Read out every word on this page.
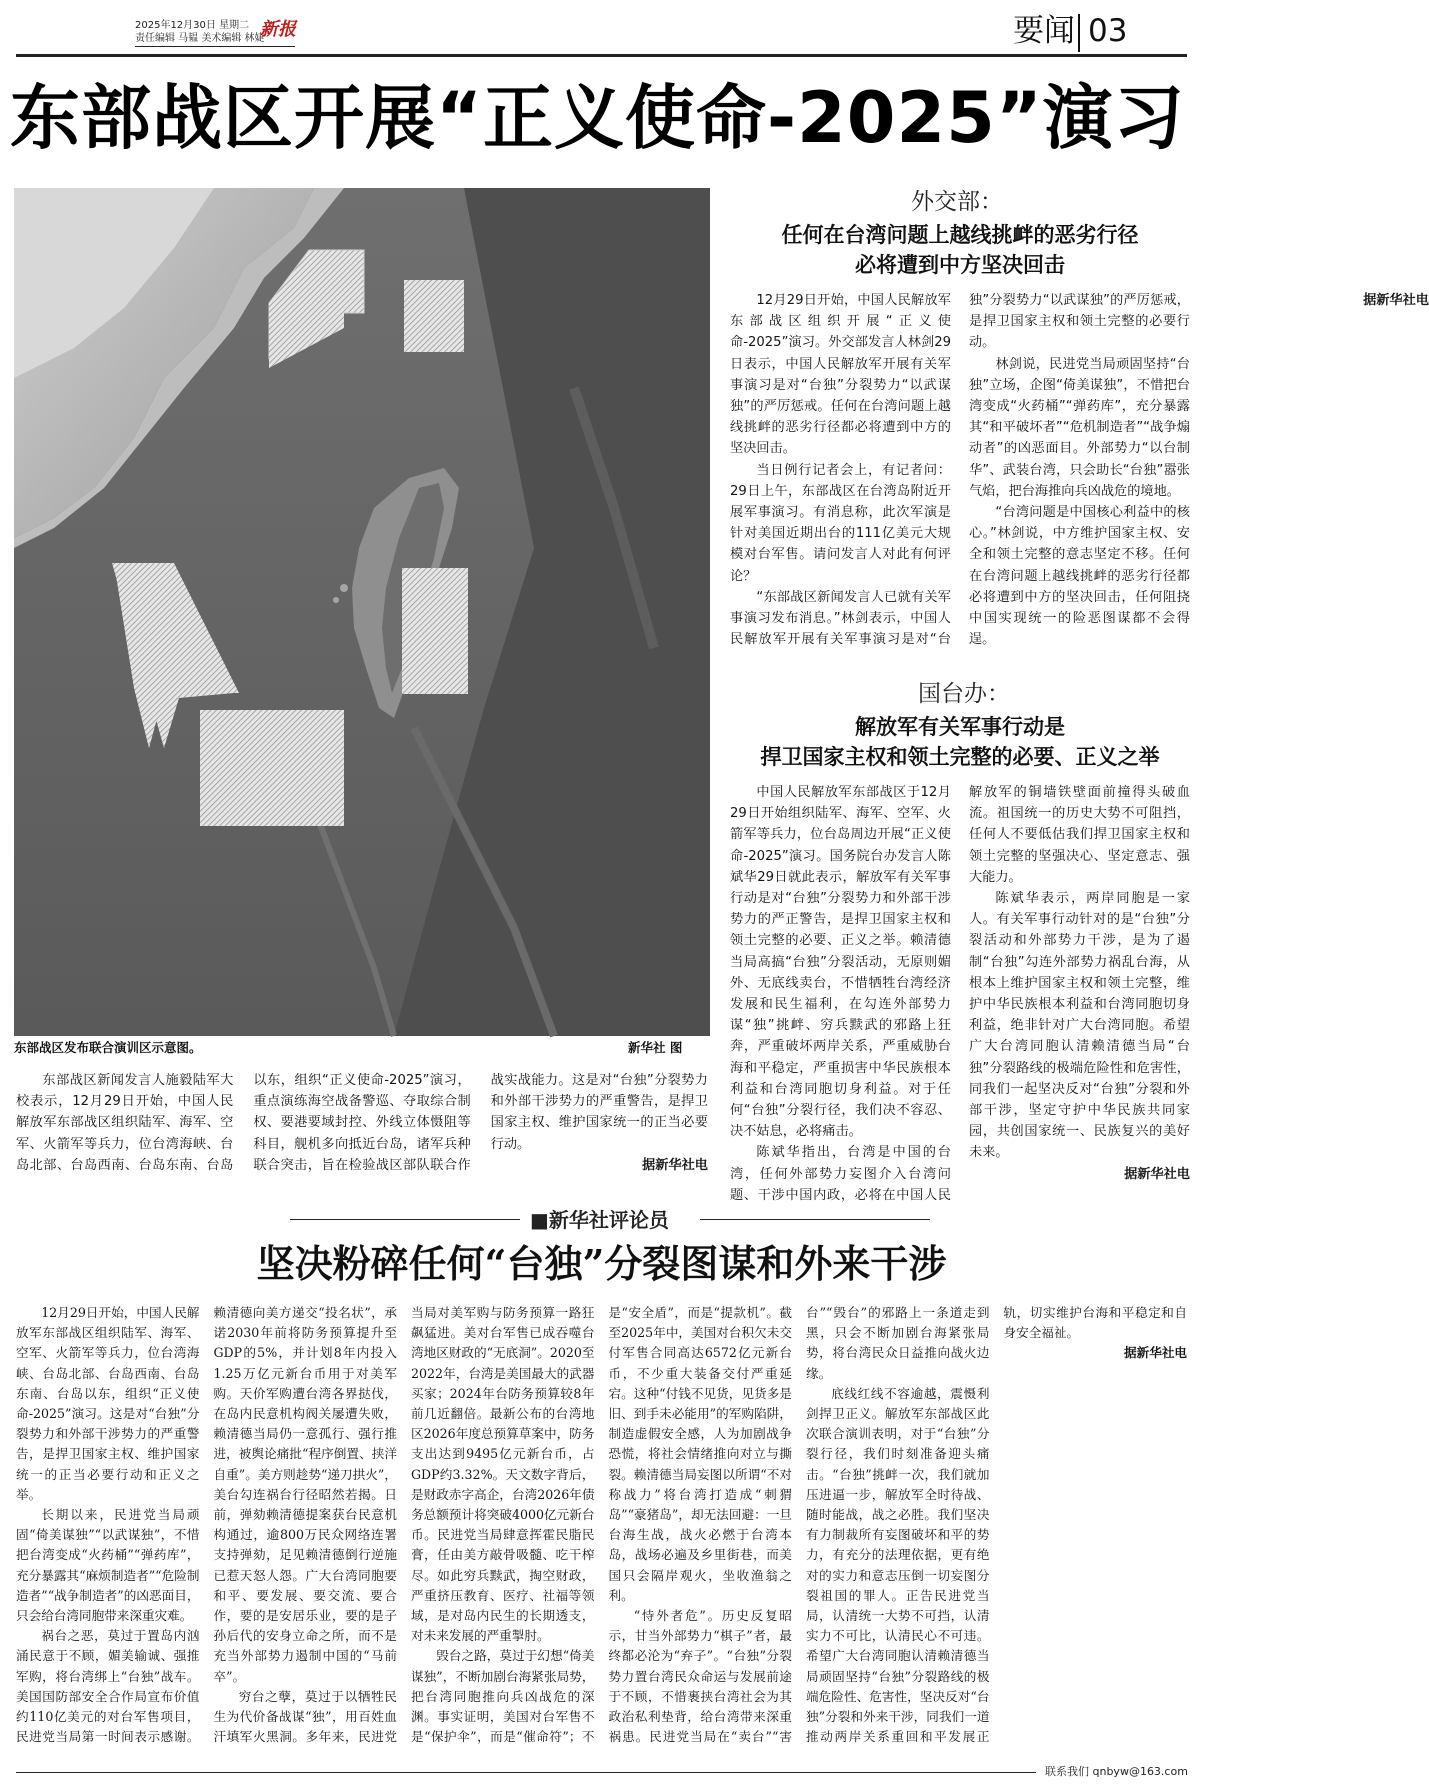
2025年12月30日 星期二
责任编辑 马韫 美术编辑 林婕
新报	要闻 03
东部战区开展“正义使命-2025”演习
东部战区发布联合演训区示意图。	新华社 图

东部战区新闻发言人施毅陆军大校表示，12月29日开始，中国人民解放军东部战区组织陆军、海军、空军、火箭军等兵力，位台湾海峡、台岛北部、台岛西南、台岛东南、台岛以东，组织“正义使命-2025”演习，重点演练海空战备警巡、夺取综合制权、要港要域封控、外线立体慑阻等科目，舰机多向抵近台岛，诸军兵种联合突击，旨在检验战区部队联合作战实战能力。这是对“台独”分裂势力和外部干涉势力的严重警告，是捍卫国家主权、维护国家统一的正当必要行动。

据新华社电
外交部：
任何在台湾问题上越线挑衅的恶劣行径
必将遭到中方坚决回击

12月29日开始，中国人民解放军东部战区组织开展“正义使命-2025”演习。外交部发言人林剑29日表示，中国人民解放军开展有关军事演习是对“台独”分裂势力“以武谋独”的严厉惩戒。任何在台湾问题上越线挑衅的恶劣行径都必将遭到中方的坚决回击。

当日例行记者会上，有记者问：29日上午，东部战区在台湾岛附近开展军事演习。有消息称，此次军演是针对美国近期出台的111亿美元大规模对台军售。请问发言人对此有何评论？

“东部战区新闻发言人已就有关军事演习发布消息。”林剑表示，中国人民解放军开展有关军事演习是对“台独”分裂势力“以武谋独”的严厉惩戒，是捍卫国家主权和领土完整的必要行动。

林剑说，民进党当局顽固坚持“台独”立场，企图“倚美谋独”，不惜把台湾变成“火药桶”“弹药库”，充分暴露其“和平破坏者”“危机制造者”“战争煽动者”的凶恶面目。外部势力“以台制华”、武装台湾，只会助长“台独”嚣张气焰，把台海推向兵凶战危的境地。

“台湾问题是中国核心利益中的核心。”林剑说，中方维护国家主权、安全和领土完整的意志坚定不移。任何在台湾问题上越线挑衅的恶劣行径都必将遭到中方的坚决回击，任何阻挠中国实现统一的险恶图谋都不会得逞。

据新华社电
国台办：
解放军有关军事行动是
捍卫国家主权和领土完整的必要、正义之举

中国人民解放军东部战区于12月29日开始组织陆军、海军、空军、火箭军等兵力，位台岛周边开展“正义使命-2025”演习。国务院台办发言人陈斌华29日就此表示，解放军有关军事行动是对“台独”分裂势力和外部干涉势力的严正警告，是捍卫国家主权和领土完整的必要、正义之举。赖清德当局高搞“台独”分裂活动，无原则媚外、无底线卖台，不惜牺牲台湾经济发展和民生福利，在勾连外部势力谋“独”挑衅、穷兵黩武的邪路上狂奔，严重破坏两岸关系，严重威胁台海和平稳定，严重损害中华民族根本利益和台湾同胞切身利益。对于任何“台独”分裂行径，我们决不容忍、决不姑息，必将痛击。

陈斌华指出，台湾是中国的台湾，任何外部势力妄图介入台湾问题、干涉中国内政，必将在中国人民解放军的铜墙铁壁面前撞得头破血流。祖国统一的历史大势不可阻挡，任何人不要低估我们捍卫国家主权和领土完整的坚强决心、坚定意志、强大能力。

陈斌华表示，两岸同胞是一家人。有关军事行动针对的是“台独”分裂活动和外部势力干涉，是为了遏制“台独”勾连外部势力祸乱台海，从根本上维护国家主权和领土完整，维护中华民族根本利益和台湾同胞切身利益，绝非针对广大台湾同胞。希望广大台湾同胞认清赖清德当局“台独”分裂路线的极端危险性和危害性，同我们一起坚决反对“台独”分裂和外部干涉，坚定守护中华民族共同家园，共创国家统一、民族复兴的美好未来。

据新华社电
■新华社评论员
坚决粉碎任何“台独”分裂图谋和外来干涉

12月29日开始，中国人民解放军东部战区组织陆军、海军、空军、火箭军等兵力，位台湾海峡、台岛北部、台岛西南、台岛东南、台岛以东，组织“正义使命-2025”演习。这是对“台独”分裂势力和外部干涉势力的严重警告，是捍卫国家主权、维护国家统一的正当必要行动和正义之举。

长期以来，民进党当局顽固“倚美谋独”“以武谋独”，不惜把台湾变成“火药桶”“弹药库”，充分暴露其“麻烦制造者”“危险制造者”“战争制造者”的凶恶面目，只会给台湾同胞带来深重灾难。

祸台之恶，莫过于置岛内汹涌民意于不顾，媚美输诚、强推军购，将台湾绑上“台独”战车。美国国防部安全合作局宣布价值约110亿美元的对台军售项目，民进党当局第一时间表示感谢。赖清德向美方递交“投名状”，承诺2030年前将防务预算提升至GDP的5%，并计划8年内投入1.25万亿元新台币用于对美军购。天价军购遭台湾各界挞伐，在岛内民意机构阀关屡遭失败，赖清德当局仍一意孤行、强行推进，被舆论痛批“程序倒置、挟洋自重”。美方则趁势“递刀拱火”，美台勾连祸台行径昭然若揭。日前，弹劾赖清德提案获台民意机构通过，逾800万民众网络连署支持弹劾，足见赖清德倒行逆施已惹天怒人怨。广大台湾同胞要和平、要发展、要交流、要合作，要的是安居乐业，要的是子孙后代的安身立命之所，而不是充当外部势力遏制中国的“马前卒”。

穷台之孽，莫过于以牺牲民生为代价备战谋“独”，用百姓血汗填军火黑洞。多年来，民进党当局对美军购与防务预算一路狂飙猛进。美对台军售已成吞噬台湾地区财政的“无底洞”。2020至2022年，台湾是美国最大的武器买家；2024年台防务预算较8年前几近翻倍。最新公布的台湾地区2026年度总预算草案中，防务支出达到9495亿元新台币，占GDP约3.32%。天文数字背后，是财政赤字高企，台湾2026年债务总额预计将突破4000亿元新台币。民进党当局肆意挥霍民脂民膏，任由美方敲骨吸髓、吃干榨尽。如此穷兵黩武，掏空财政，严重挤压教育、医疗、社福等领域，是对岛内民生的长期透支，对未来发展的严重掣肘。

毁台之路，莫过于幻想“倚美谋独”，不断加剧台海紧张局势，把台湾同胞推向兵凶战危的深渊。事实证明，美国对台军售不是“保护伞”，而是“催命符”；不是“安全盾”，而是“提款机”。截至2025年中，美国对台积欠未交付军售合同高达6572亿元新台币，不少重大装备交付严重延宕。这种“付钱不见货，见货多是旧、到手未必能用”的军购陷阱，制造虚假安全感，人为加剧战争恐慌，将社会情绪推向对立与撕裂。赖清德当局妄图以所谓“不对称战力”将台湾打造成“刺猬岛”“豪猪岛”，却无法回避：一旦台海生战，战火必燃于台湾本岛，战场必遍及乡里街巷，而美国只会隔岸观火，坐收渔翁之利。

“恃外者危”。历史反复昭示，甘当外部势力“棋子”者，最终都必沦为“弃子”。“台独”分裂势力置台湾民众命运与发展前途于不顾，不惜裹挟台湾社会为其政治私利垫背，给台湾带来深重祸患。民进党当局在“卖台”“害台”“毁台”的邪路上一条道走到黑，只会不断加剧台海紧张局势，将台湾民众日益推向战火边缘。

底线红线不容逾越，震慑利剑捍卫正义。解放军东部战区此次联合演训表明，对于“台独”分裂行径，我们时刻准备迎头痛击。“台独”挑衅一次，我们就加压进逼一步，解放军全时待战、随时能战，战之必胜。我们坚决有力制裁所有妄图破坏和平的势力，有充分的法理依据，更有绝对的实力和意志压倒一切妄图分裂祖国的罪人。正告民进党当局，认清统一大势不可挡，认清实力不可比，认清民心不可违。希望广大台湾同胞认清赖清德当局顽固坚持“台独”分裂路线的极端危险性、危害性，坚决反对“台独”分裂和外来干涉，同我们一道推动两岸关系重回和平发展正轨，切实维护台海和平稳定和自身安全福祉。

据新华社电
联系我们 qnbyw@163.com
